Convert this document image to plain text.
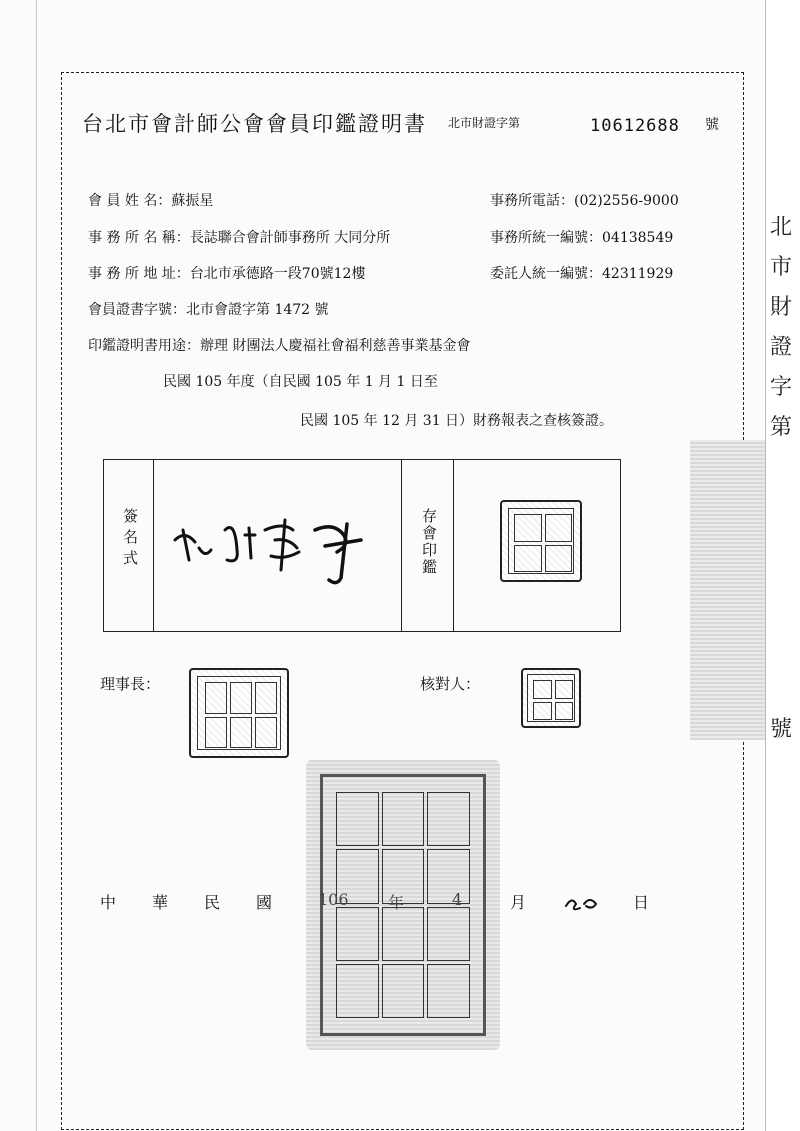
北
市
財
證
字
第
號
台北市會計師公會會員印鑑證明書 北市財證字第	10612688 號
會 員 姓 名：蘇振星	事務所電話：(02)2556-9000
事 務 所 名 稱：長誌聯合會計師事務所 大同分所	事務所統一編號：04138549
事 務 所 地 址：台北市承德路一段70號12樓	委託人統一編號：42311929
會員證書字號：北市會證字第 1472 號
印鑑證明書用途：辦理 財團法人慶福社會福利慈善事業基金會
民國 105 年度（自民國 105 年 1 月 1 日至
民國 105 年 12 月 31 日）財務報表之查核簽證。
簽名式	存會印鑑
理事長：	核對人：
中 華 民 國	106 年	4	月	日
